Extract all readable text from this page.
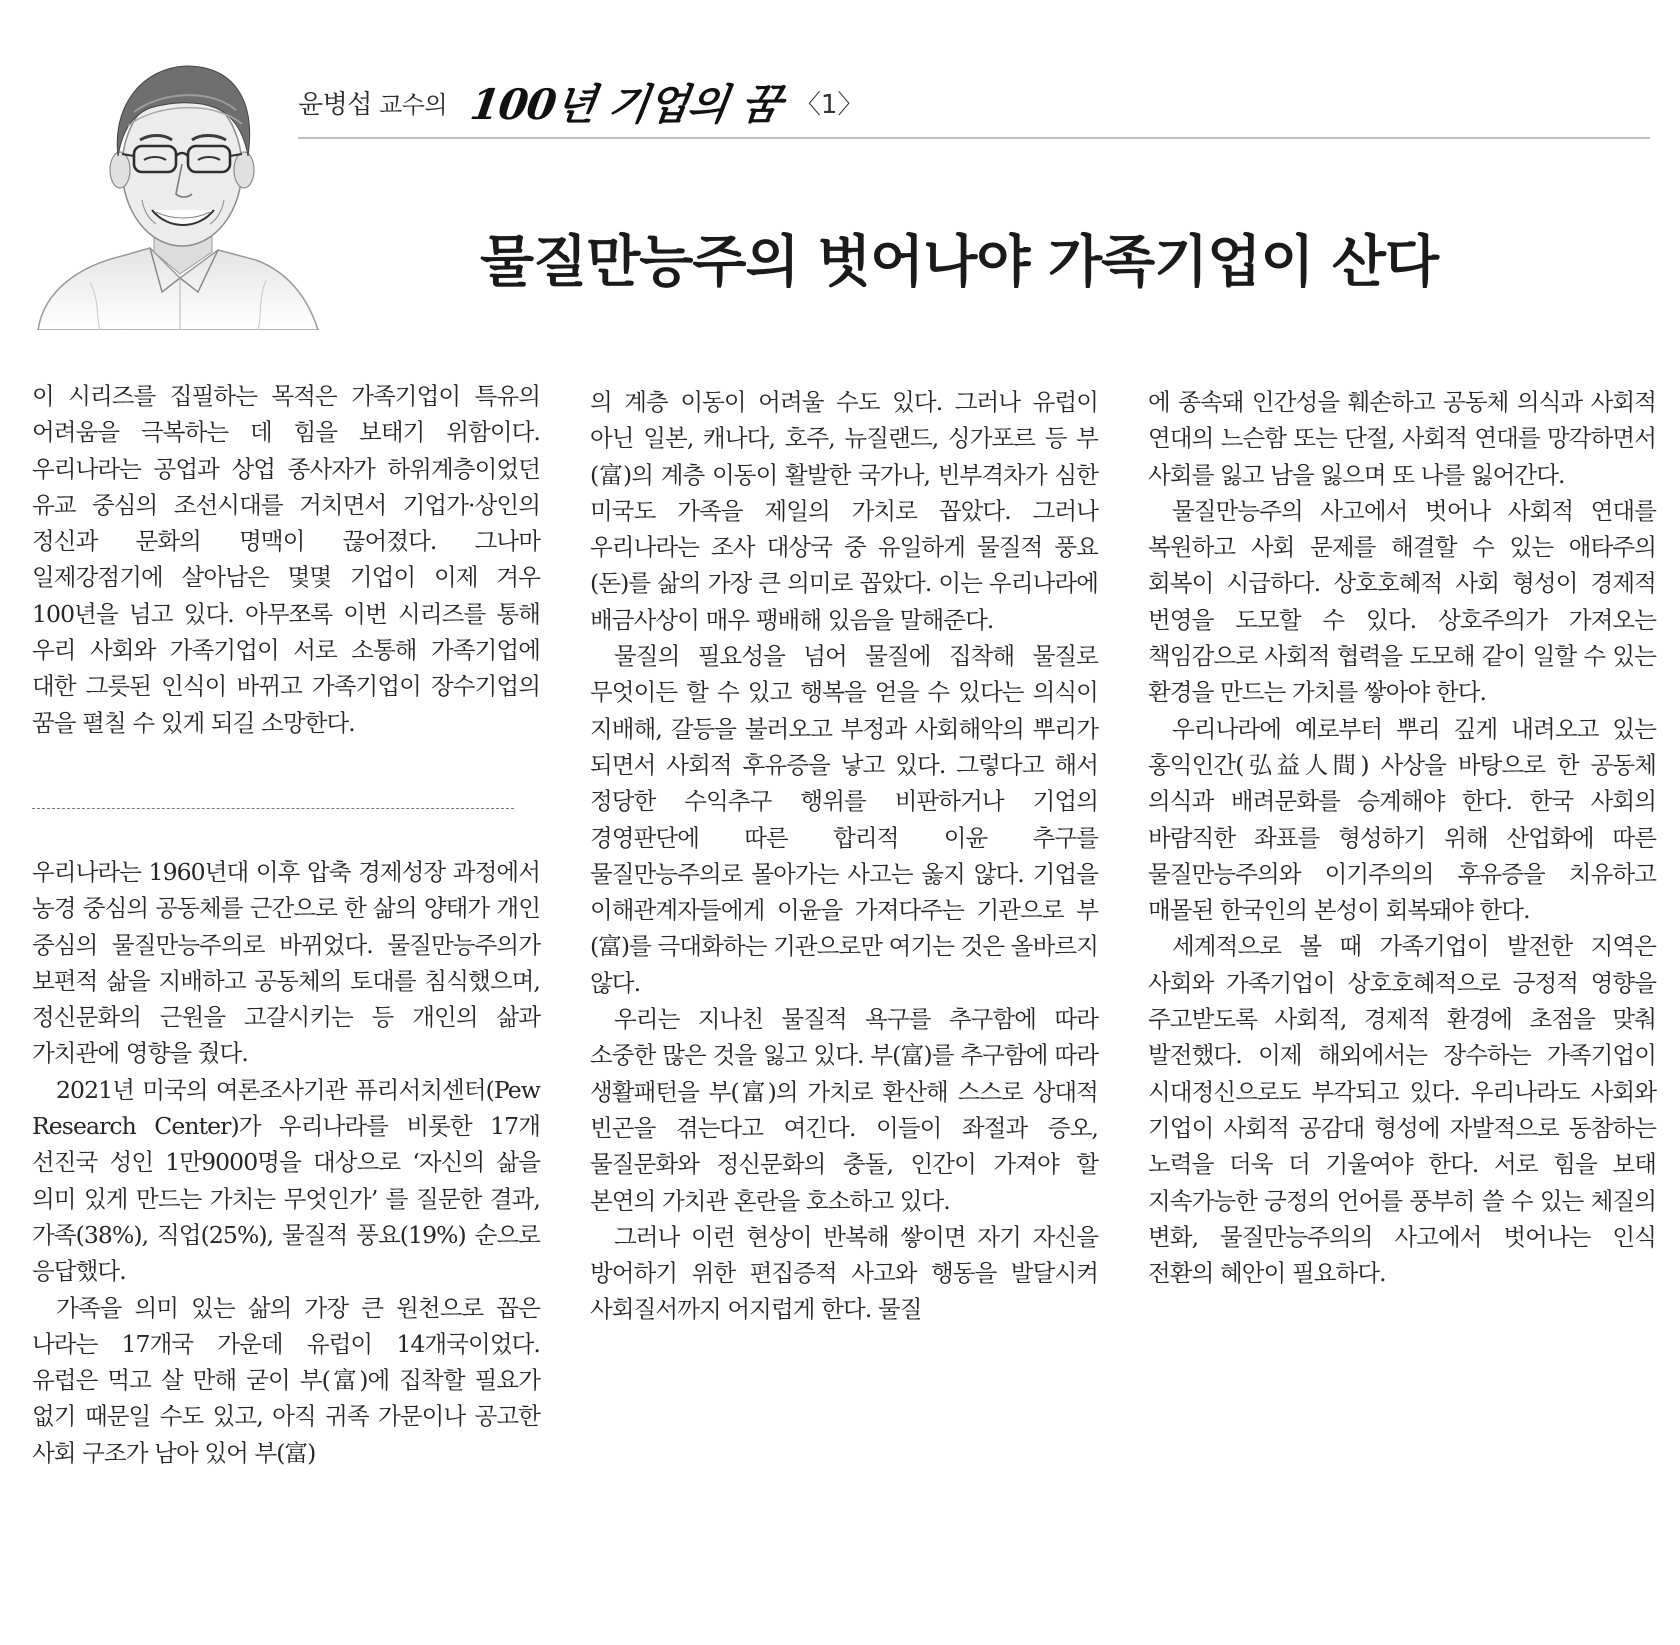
윤병섭 교수의 100년 기업의 꿈 〈1〉
물질만능주의 벗어나야 가족기업이 산다

이 시리즈를 집필하는 목적은 가족기업이 특유의 어려움을 극복하는 데 힘을 보태기 위함이다. 우리나라는 공업과 상업 종사자가 하위계층이었던 유교 중심의 조선시대를 거치면서 기업가·상인의 정신과 문화의 명맥이 끊어졌다. 그나마 일제강점기에 살아남은 몇몇 기업이 이제 겨우 100년을 넘고 있다. 아무쪼록 이번 시리즈를 통해 우리 사회와 가족기업이 서로 소통해 가족기업에 대한 그릇된 인식이 바뀌고 가족기업이 장수기업의 꿈을 펼칠 수 있게 되길 소망한다.

우리나라는 1960년대 이후 압축 경제성장 과정에서 농경 중심의 공동체를 근간으로 한 삶의 양태가 개인 중심의 물질만능주의로 바뀌었다. 물질만능주의가 보편적 삶을 지배하고 공동체의 토대를 침식했으며, 정신문화의 근원을 고갈시키는 등 개인의 삶과 가치관에 영향을 줬다.

2021년 미국의 여론조사기관 퓨리서치센터(Pew Research Center)가 우리나라를 비롯한 17개 선진국 성인 1만9000명을 대상으로 ‘자신의 삶을 의미 있게 만드는 가치는 무엇인가’ 를 질문한 결과, 가족(38%), 직업(25%), 물질적 풍요(19%) 순으로 응답했다.

가족을 의미 있는 삶의 가장 큰 원천으로 꼽은 나라는 17개국 가운데 유럽이 14개국이었다. 유럽은 먹고 살 만해 굳이 부(富)에 집착할 필요가 없기 때문일 수도 있고, 아직 귀족 가문이나 공고한 사회 구조가 남아 있어 부(富)

의 계층 이동이 어려울 수도 있다. 그러나 유럽이 아닌 일본, 캐나다, 호주, 뉴질랜드, 싱가포르 등 부(富)의 계층 이동이 활발한 국가나, 빈부격차가 심한 미국도 가족을 제일의 가치로 꼽았다. 그러나 우리나라는 조사 대상국 중 유일하게 물질적 풍요(돈)를 삶의 가장 큰 의미로 꼽았다. 이는 우리나라에 배금사상이 매우 팽배해 있음을 말해준다.

물질의 필요성을 넘어 물질에 집착해 물질로 무엇이든 할 수 있고 행복을 얻을 수 있다는 의식이 지배해, 갈등을 불러오고 부정과 사회해악의 뿌리가 되면서 사회적 후유증을 낳고 있다. 그렇다고 해서 정당한 수익추구 행위를 비판하거나 기업의 경영판단에 따른 합리적 이윤 추구를 물질만능주의로 몰아가는 사고는 옳지 않다. 기업을 이해관계자들에게 이윤을 가져다주는 기관으로 부(富)를 극대화하는 기관으로만 여기는 것은 올바르지 않다.

우리는 지나친 물질적 욕구를 추구함에 따라 소중한 많은 것을 잃고 있다. 부(富)를 추구함에 따라 생활패턴을 부(富)의 가치로 환산해 스스로 상대적 빈곤을 겪는다고 여긴다. 이들이 좌절과 증오, 물질문화와 정신문화의 충돌, 인간이 가져야 할 본연의 가치관 혼란을 호소하고 있다.

그러나 이런 현상이 반복해 쌓이면 자기 자신을 방어하기 위한 편집증적 사고와 행동을 발달시켜 사회질서까지 어지럽게 한다. 물질

에 종속돼 인간성을 훼손하고 공동체 의식과 사회적 연대의 느슨함 또는 단절, 사회적 연대를 망각하면서 사회를 잃고 남을 잃으며 또 나를 잃어간다.

물질만능주의 사고에서 벗어나 사회적 연대를 복원하고 사회 문제를 해결할 수 있는 애타주의 회복이 시급하다. 상호호혜적 사회 형성이 경제적 번영을 도모할 수 있다. 상호주의가 가져오는 책임감으로 사회적 협력을 도모해 같이 일할 수 있는 환경을 만드는 가치를 쌓아야 한다.

우리나라에 예로부터 뿌리 깊게 내려오고 있는 홍익인간(弘益人間) 사상을 바탕으로 한 공동체 의식과 배려문화를 승계해야 한다. 한국 사회의 바람직한 좌표를 형성하기 위해 산업화에 따른 물질만능주의와 이기주의의 후유증을 치유하고 매몰된 한국인의 본성이 회복돼야 한다.

세계적으로 볼 때 가족기업이 발전한 지역은 사회와 가족기업이 상호호혜적으로 긍정적 영향을 주고받도록 사회적, 경제적 환경에 초점을 맞춰 발전했다. 이제 해외에서는 장수하는 가족기업이 시대정신으로도 부각되고 있다. 우리나라도 사회와 기업이 사회적 공감대 형성에 자발적으로 동참하는 노력을 더욱 더 기울여야 한다. 서로 힘을 보태 지속가능한 긍정의 언어를 풍부히 쓸 수 있는 체질의 변화, 물질만능주의의 사고에서 벗어나는 인식 전환의 혜안이 필요하다.
